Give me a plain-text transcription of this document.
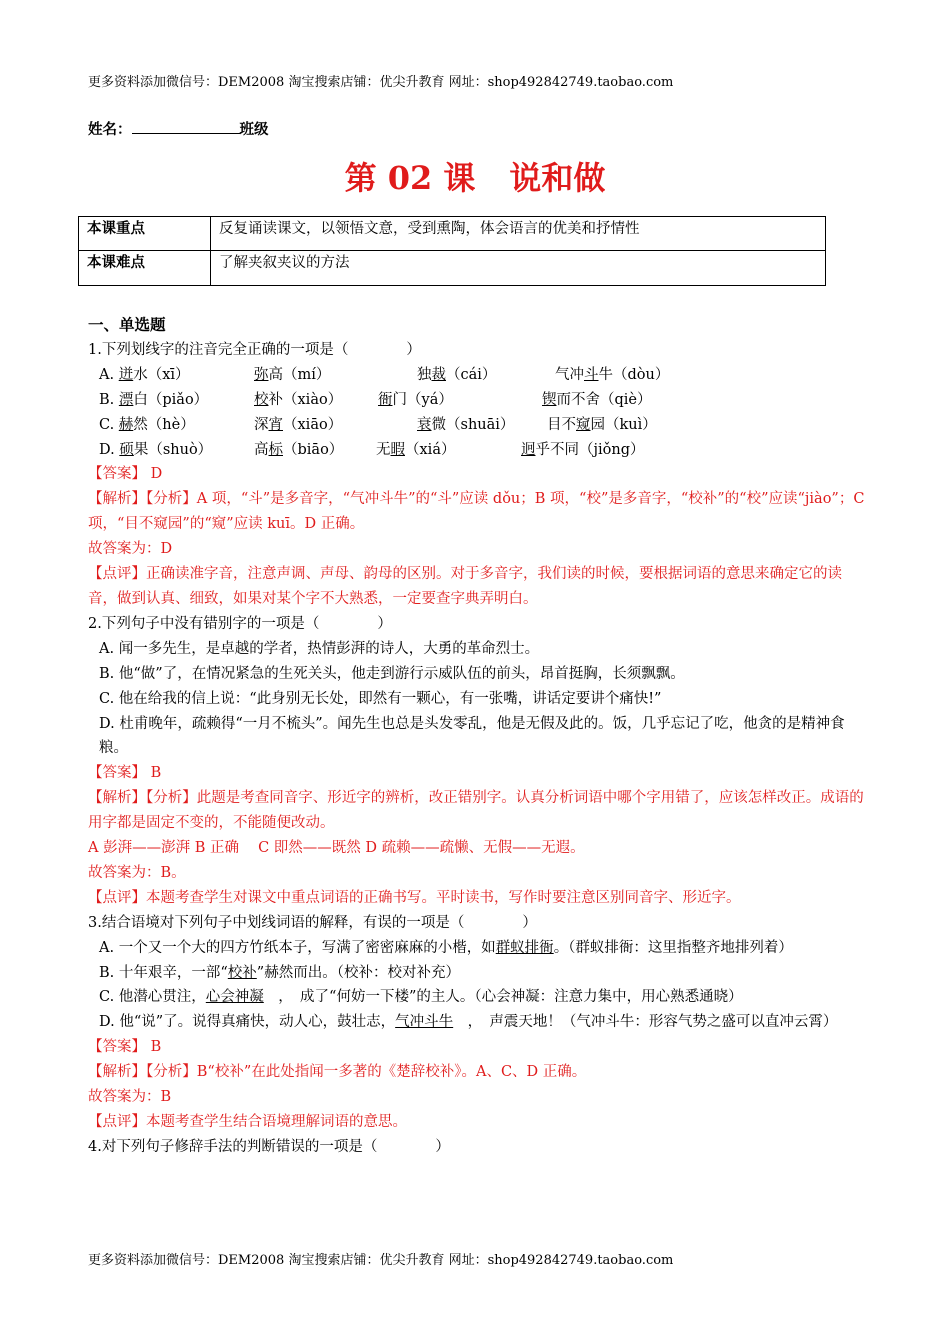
更多资料添加微信号：DEM2008 淘宝搜索店铺：优尖升教育 网址：shop492842749.taobao.com
姓名：	班级
第 02 课 说和做
本课重点	反复诵读课文，以领悟文意，受到熏陶，体会语言的优美和抒情性
本课难点	了解夹叙夹议的方法
一、单选题
1.下列划线字的注音完全正确的一项是（　　　　）
A. 迸水（xī）	弥高（mí）	独裁（cái）	气冲斗牛（dòu）
B. 漂白（piǎo）	校补（xiào） 衙门（yá）	锲而不舍（qiè）
C. 赫然（hè）	深宵（xiāo）	衰微（shuāi） 目不窥园（kuì）
D. 硕果（shuò）	高标（biāo） 无暇（xiá）	迥乎不同（jiǒng）
【答案】 D
【解析】【分析】A 项，“斗”是多音字，“气冲斗牛”的“斗”应读 dǒu；B 项，“校”是多音字，“校补”的“校”应读“jiào”；C 项，“目不窥园”的“窥”应读 kuī。D 正确。
故答案为：D
【点评】正确读准字音，注意声调、声母、韵母的区别。对于多音字，我们读的时候，要根据词语的意思来确定它的读音，做到认真、细致，如果对某个字不大熟悉，一定要查字典弄明白。
2.下列句子中没有错别字的一项是（　　　　）
A. 闻一多先生，是卓越的学者，热情彭湃的诗人，大勇的革命烈士。
B. 他“做”了，在情况紧急的生死关头，他走到游行示威队伍的前头，昂首挺胸，长须飘飘。
C. 他在给我的信上说：“此身别无长处，即然有一颗心，有一张嘴，讲话定要讲个痛快!”
D. 杜甫晚年，疏赖得“一月不梳头”。闻先生也总是头发零乱，他是无假及此的。饭，几乎忘记了吃，他贪的是精神食粮。
【答案】 B
【解析】【分析】此题是考查同音字、形近字的辨析，改正错别字。认真分析词语中哪个字用错了，应该怎样改正。成语的用字都是固定不变的，不能随便改动。
A 彭湃——澎湃 B 正确　 C 即然——既然 D 疏赖——疏懒、无假——无遐。
故答案为：B。
【点评】本题考查学生对课文中重点词语的正确书写。平时读书，写作时要注意区别同音字、形近字。
3.结合语境对下列句子中划线词语的解释，有误的一项是（　　　　）
A. 一个又一个大的四方竹纸本子，写满了密密麻麻的小楷，如群蚁排衙。（群蚁排衙：这里指整齐地排列着）
B. 十年艰辛，一部“校补”赫然而出。（校补：校对补充）
C. 他潜心贯注，心会神凝　，　成了“何妨一下楼”的主人。（心会神凝：注意力集中，用心熟悉通晓）
D. 他“说”了。说得真痛快，动人心，鼓壮志，气冲斗牛　，　声震天地！（气冲斗牛：形容气势之盛可以直冲云霄）
【答案】 B
【解析】【分析】B“校补”在此处指闻一多著的《楚辞校补》。A、C、D 正确。
故答案为：B
【点评】本题考查学生结合语境理解词语的意思。
4.对下列句子修辞手法的判断错误的一项是（　　　　）
更多资料添加微信号：DEM2008 淘宝搜索店铺：优尖升教育 网址：shop492842749.taobao.com
